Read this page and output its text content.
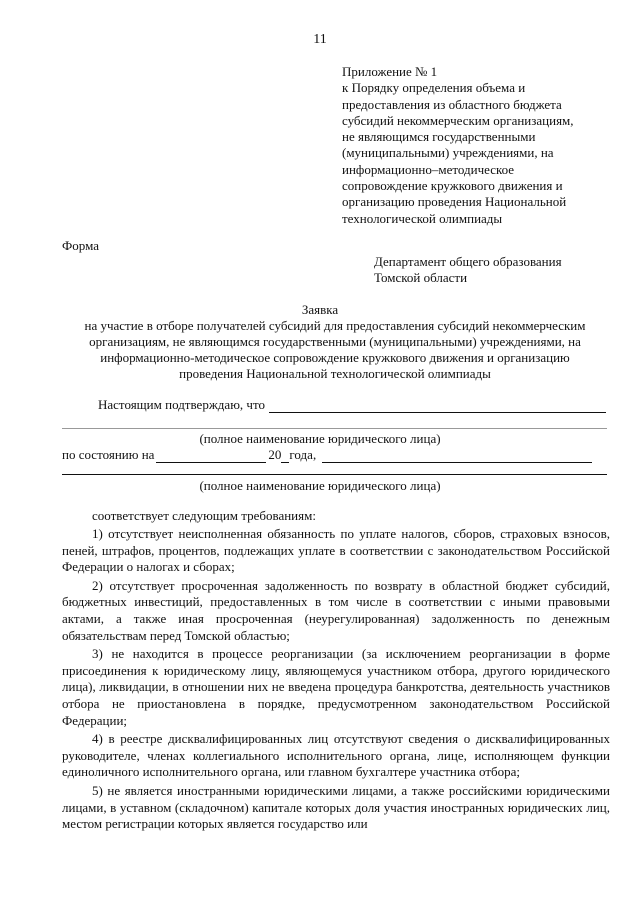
11
Приложение № 1
к Порядку определения объема и
предоставления из областного бюджета
субсидий некоммерческим организациям,
не являющимся государственными
(муниципальными) учреждениями, на
информационно–методическое
сопровождение кружкового движения и
организацию проведения Национальной
технологической олимпиады
Форма
Департамент общего образования
Томской области
Заявка
на участие в отборе получателей субсидий для предоставления субсидий некоммерческим
организациям, не являющимся государственными (муниципальными) учреждениями, на
информационно-методическое сопровождение кружкового движения и организацию
проведения Национальной технологической олимпиады
Настоящим подтверждаю, что
(полное наименование юридического лица)
по состоянию на	20 года,
(полное наименование юридического лица)

соответствует следующим требованиям:

1) отсутствует неисполненная обязанность по уплате налогов, сборов, страховых взносов, пеней, штрафов, процентов, подлежащих уплате в соответствии с законодательством Российской Федерации о налогах и сборах;

2) отсутствует просроченная задолженность по возврату в областной бюджет субсидий, бюджетных инвестиций, предоставленных в том числе в соответствии с иными правовыми актами, а также иная просроченная (неурегулированная) задолженность по денежным обязательствам перед Томской областью;

3) не находится в процессе реорганизации (за исключением реорганизации в форме присоединения к юридическому лицу, являющемуся участником отбора, другого юридического лица), ликвидации, в отношении них не введена процедура банкротства, деятельность участников отбора не приостановлена в порядке, предусмотренном законодательством Российской Федерации;

4) в реестре дисквалифицированных лиц отсутствуют сведения о дисквалифицированных руководителе, членах коллегиального исполнительного органа, лице, исполняющем функции единоличного исполнительного органа, или главном бухгалтере участника отбора;

5) не является иностранными юридическими лицами, а также российскими юридическими лицами, в уставном (складочном) капитале которых доля участия иностранных юридических лиц, местом регистрации которых является государство или
